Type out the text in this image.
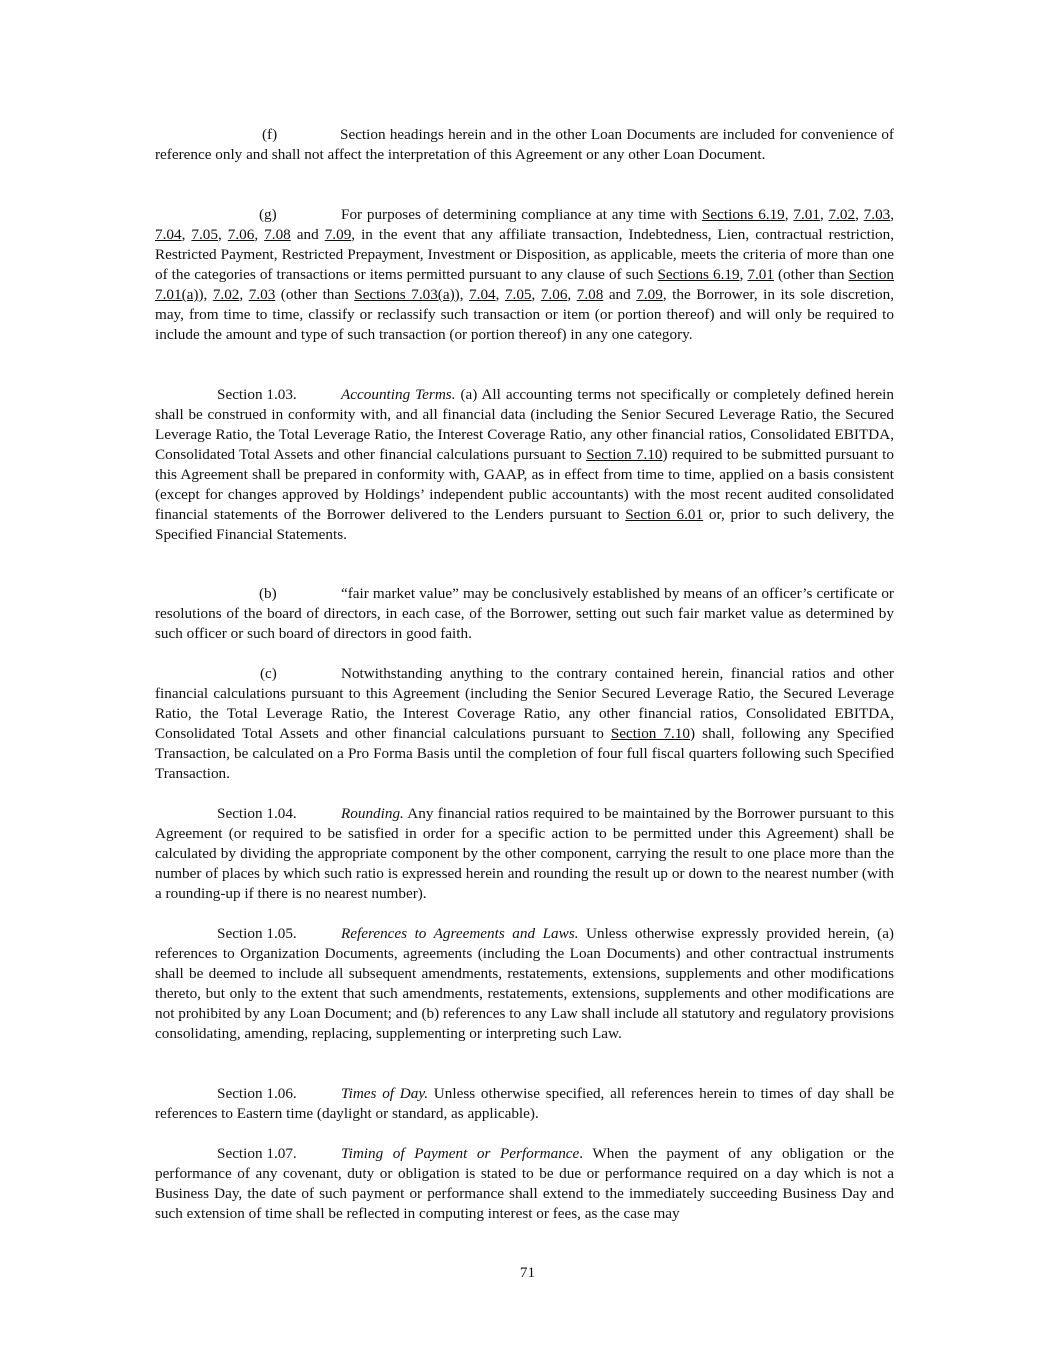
(f)	Section headings herein and in the other Loan Documents are included for convenience of reference only and shall not affect the interpretation of this Agreement or any other Loan Document.

(g)	For purposes of determining compliance at any time with Sections 6.19, 7.01, 7.02, 7.03, 7.04, 7.05, 7.06, 7.08 and 7.09, in the event that any affiliate transaction, Indebtedness, Lien, contractual restriction, Restricted Payment, Restricted Prepayment, Investment or Disposition, as applicable, meets the criteria of more than one of the categories of transactions or items permitted pursuant to any clause of such Sections 6.19, 7.01 (other than Section 7.01(a)), 7.02, 7.03 (other than Sections 7.03(a)), 7.04, 7.05, 7.06, 7.08 and 7.09, the Borrower, in its sole discretion, may, from time to time, classify or reclassify such transaction or item (or portion thereof) and will only be required to include the amount and type of such transaction (or portion thereof) in any one category.

Section 1.03.	Accounting Terms. (a) All accounting terms not specifically or completely defined herein shall be construed in conformity with, and all financial data (including the Senior Secured Leverage Ratio, the Secured Leverage Ratio, the Total Leverage Ratio, the Interest Coverage Ratio, any other financial ratios, Consolidated EBITDA, Consolidated Total Assets and other financial calculations pursuant to Section 7.10) required to be submitted pursuant to this Agreement shall be prepared in conformity with, GAAP, as in effect from time to time, applied on a basis consistent (except for changes approved by Holdings’ independent public accountants) with the most recent audited consolidated financial statements of the Borrower delivered to the Lenders pursuant to Section 6.01 or, prior to such delivery, the Specified Financial Statements.

(b)	“fair market value” may be conclusively established by means of an officer’s certificate or resolutions of the board of directors, in each case, of the Borrower, setting out such fair market value as determined by such officer or such board of directors in good faith.

(c)	Notwithstanding anything to the contrary contained herein, financial ratios and other financial calculations pursuant to this Agreement (including the Senior Secured Leverage Ratio, the Secured Leverage Ratio, the Total Leverage Ratio, the Interest Coverage Ratio, any other financial ratios, Consolidated EBITDA, Consolidated Total Assets and other financial calculations pursuant to Section 7.10) shall, following any Specified Transaction, be calculated on a Pro Forma Basis until the completion of four full fiscal quarters following such Specified Transaction.

Section 1.04.	Rounding. Any financial ratios required to be maintained by the Borrower pursuant to this Agreement (or required to be satisfied in order for a specific action to be permitted under this Agreement) shall be calculated by dividing the appropriate component by the other component, carrying the result to one place more than the number of places by which such ratio is expressed herein and rounding the result up or down to the nearest number (with a rounding-up if there is no nearest number).

Section 1.05.	References to Agreements and Laws. Unless otherwise expressly provided herein, (a) references to Organization Documents, agreements (including the Loan Documents) and other contractual instruments shall be deemed to include all subsequent amendments, restatements, extensions, supplements and other modifications thereto, but only to the extent that such amendments, restatements, extensions, supplements and other modifications are not prohibited by any Loan Document; and (b) references to any Law shall include all statutory and regulatory provisions consolidating, amending, replacing, supplementing or interpreting such Law.

Section 1.06.	Times of Day. Unless otherwise specified, all references herein to times of day shall be references to Eastern time (daylight or standard, as applicable).

Section 1.07.	Timing of Payment or Performance. When the payment of any obligation or the performance of any covenant, duty or obligation is stated to be due or performance required on a day which is not a Business Day, the date of such payment or performance shall extend to the immediately succeeding Business Day and such extension of time shall be reflected in computing interest or fees, as the case may

71
